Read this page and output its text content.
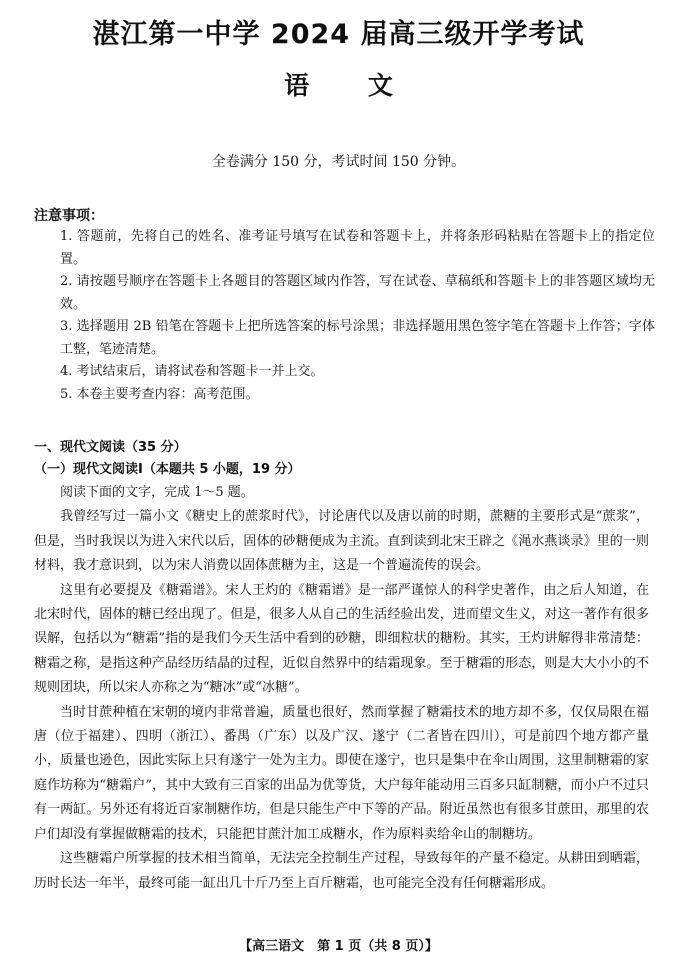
湛江第一中学 2024 届高三级开学考试
语 文
全卷满分 150 分，考试时间 150 分钟。
注意事项：
1. 答题前，先将自己的姓名、准考证号填写在试卷和答题卡上，并将条形码粘贴在答题卡上的指定位置。
2. 请按题号顺序在答题卡上各题目的答题区域内作答，写在试卷、草稿纸和答题卡上的非答题区域均无效。
3. 选择题用 2B 铅笔在答题卡上把所选答案的标号涂黑；非选择题用黑色签字笔在答题卡上作答；字体工整，笔迹清楚。
4. 考试结束后，请将试卷和答题卡一并上交。
5. 本卷主要考查内容：高考范围。
一、现代文阅读（35 分）
（一）现代文阅读Ⅰ（本题共 5 小题，19 分）

阅读下面的文字，完成 1～5 题。

我曾经写过一篇小文《糖史上的蔗浆时代》，讨论唐代以及唐以前的时期，蔗糖的主要形式是“蔗浆”，但是，当时我误以为进入宋代以后，固体的砂糖便成为主流。直到读到北宋王辟之《渑水燕谈录》里的一则材料，我才意识到，以为宋人消费以固体蔗糖为主，这是一个普遍流传的误会。

这里有必要提及《糖霜谱》。宋人王灼的《糖霜谱》是一部严谨惊人的科学史著作，由之后人知道，在北宋时代，固体的糖已经出现了。但是，很多人从自己的生活经验出发，进而望文生义，对这一著作有很多误解，包括以为“糖霜”指的是我们今天生活中看到的砂糖，即细粒状的糖粉。其实，王灼讲解得非常清楚：糖霜之称，是指这种产品经历结晶的过程，近似自然界中的结霜现象。至于糖霜的形态，则是大大小小的不规则团块，所以宋人亦称之为“糖冰”或“冰糖”。

当时甘蔗种植在宋朝的境内非常普遍，质量也很好，然而掌握了糖霜技术的地方却不多，仅仅局限在福唐（位于福建）、四明（浙江）、番禺（广东）以及广汉、遂宁（二者皆在四川），可是前四个地方都产量小，质量也逊色，因此实际上只有遂宁一处为主力。即使在遂宁，也只是集中在伞山周围，这里制糖霜的家庭作坊称为“糖霜户”，其中大致有三百家的出品为优等货，大户每年能动用三百多只缸制糖，而小户不过只有一两缸。另外还有将近百家制糖作坊，但是只能生产中下等的产品。附近虽然也有很多甘蔗田，那里的农户们却没有掌握做糖霜的技术，只能把甘蔗汁加工成糖水，作为原料卖给伞山的制糖坊。

这些糖霜户所掌握的技术相当简单，无法完全控制生产过程，导致每年的产量不稳定。从耕田到晒霜，历时长达一年半，最终可能一缸出几十斤乃至上百斤糖霜，也可能完全没有任何糖霜形成。

【高三语文　第 1 页（共 8 页）】
